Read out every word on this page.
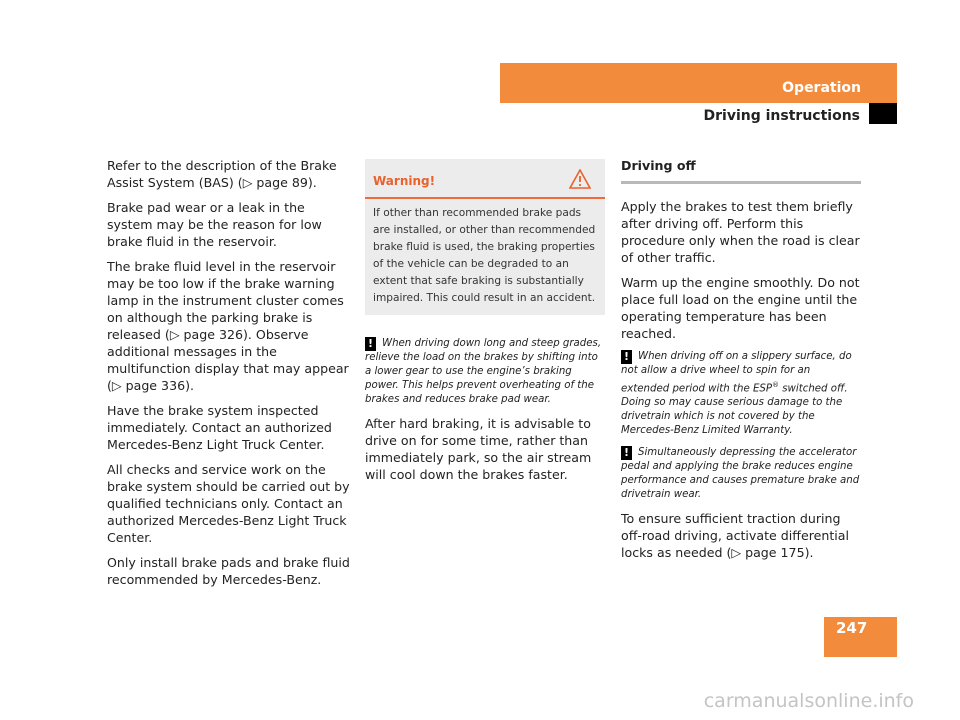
Operation
Driving instructions

Refer to the description of the Brake Assist System (BAS) (▷ page 89).

Brake pad wear or a leak in the system may be the reason for low brake fluid in the reservoir.

The brake fluid level in the reservoir may be too low if the brake warning lamp in the instrument cluster comes on although the parking brake is released (▷ page 326). Observe additional messages in the multifunction display that may appear (▷ page 336).

Have the brake system inspected immediately. Contact an authorized Mercedes-Benz Light Truck Center.

All checks and service work on the brake system should be carried out by qualified technicians only. Contact an authorized Mercedes-Benz Light Truck Center.

Only install brake pads and brake fluid recommended by Mercedes-Benz.

Warning!
If other than recommended brake pads are installed, or other than recommended brake fluid is used, the braking properties of the vehicle can be degraded to an extent that safe braking is substantially impaired. This could result in an accident.

! When driving down long and steep grades, relieve the load on the brakes by shifting into a lower gear to use the engine’s braking power. This helps prevent overheating of the brakes and reduces brake pad wear.

After hard braking, it is advisable to drive on for some time, rather than immediately park, so the air stream will cool down the brakes faster.

Driving off

Apply the brakes to test them briefly after driving off. Perform this procedure only when the road is clear of other traffic.

Warm up the engine smoothly. Do not place full load on the engine until the operating temperature has been reached.

! When driving off on a slippery surface, do not allow a drive wheel to spin for an extended period with the ESP® switched off. Doing so may cause serious damage to the drivetrain which is not covered by the Mercedes-Benz Limited Warranty.

! Simultaneously depressing the accelerator pedal and applying the brake reduces engine performance and causes premature brake and drivetrain wear.

To ensure sufficient traction during off-road driving, activate differential locks as needed (▷ page 175).

247
carmanualsonline.info
